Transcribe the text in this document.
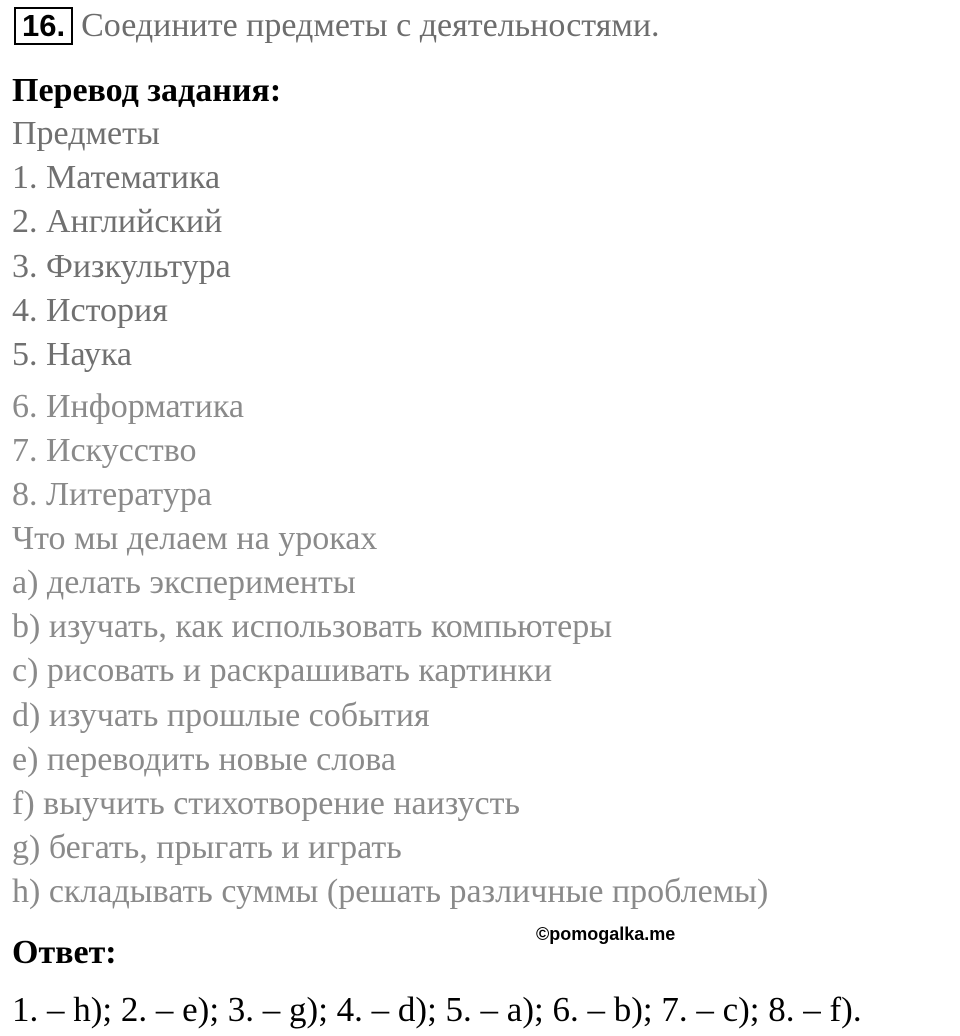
16. Соедините предметы с деятельностями.
Перевод задания:
Предметы
1. Математика
2. Английский
3. Физкультура
4. История
5. Наука
6. Информатика
7. Искусство
8. Литература
Что мы делаем на уроках
a) делать эксперименты
b) изучать, как использовать компьютеры
c) рисовать и раскрашивать картинки
d) изучать прошлые события
e) переводить новые слова
f) выучить стихотворение наизусть
g) бегать, прыгать и играть
h) складывать суммы (решать различные проблемы)
Ответ:	©pomogalka.me
1. – h); 2. – e); 3. – g); 4. – d); 5. – a); 6. – b); 7. – c); 8. – f).
